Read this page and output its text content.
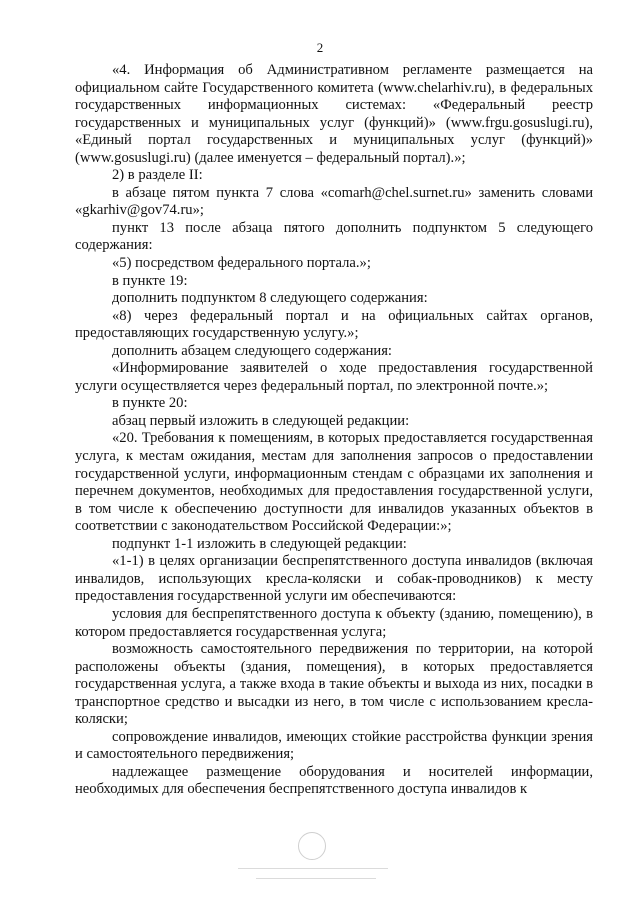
2

«4. Информация об Административном регламенте размещается на официальном сайте Государственного комитета (www.chelarhiv.ru), в федеральных государственных информационных системах: «Федеральный реестр государственных и муниципальных услуг (функций)» (www.frgu.gosuslugi.ru), «Единый портал государственных и муниципальных услуг (функций)» (www.gosuslugi.ru) (далее именуется – федеральный портал).»;

2) в разделе II:

в абзаце пятом пункта 7 слова «comarh@chel.surnet.ru» заменить словами «gkarhiv@gov74.ru»;

пункт 13 после абзаца пятого дополнить подпунктом 5 следующего содержания:

«5) посредством федерального портала.»;

в пункте 19:

дополнить подпунктом 8 следующего содержания:

«8) через федеральный портал и на официальных сайтах органов, предоставляющих государственную услугу.»;

дополнить абзацем следующего содержания:

«Информирование заявителей о ходе предоставления государственной услуги осуществляется через федеральный портал, по электронной почте.»;

в пункте 20:

абзац первый изложить в следующей редакции:

«20. Требования к помещениям, в которых предоставляется государственная услуга, к местам ожидания, местам для заполнения запросов о предоставлении государственной услуги, информационным стендам с образцами их заполнения и перечнем документов, необходимых для предоставления государственной услуги, в том числе к обеспечению доступности для инвалидов указанных объектов в соответствии с законодательством Российской Федерации:»;

подпункт 1-1 изложить в следующей редакции:

«1-1) в целях организации беспрепятственного доступа инвалидов (включая инвалидов, использующих кресла-коляски и собак-проводников) к месту предоставления государственной услуги им обеспечиваются:

условия для беспрепятственного доступа к объекту (зданию, помещению), в котором предоставляется государственная услуга;

возможность самостоятельного передвижения по территории, на которой расположены объекты (здания, помещения), в которых предоставляется государственная услуга, а также входа в такие объекты и выхода из них, посадки в транспортное средство и высадки из него, в том числе с использованием кресла-коляски;

сопровождение инвалидов, имеющих стойкие расстройства функции зрения и самостоятельного передвижения;

надлежащее размещение оборудования и носителей информации, необходимых для обеспечения беспрепятственного доступа инвалидов к
